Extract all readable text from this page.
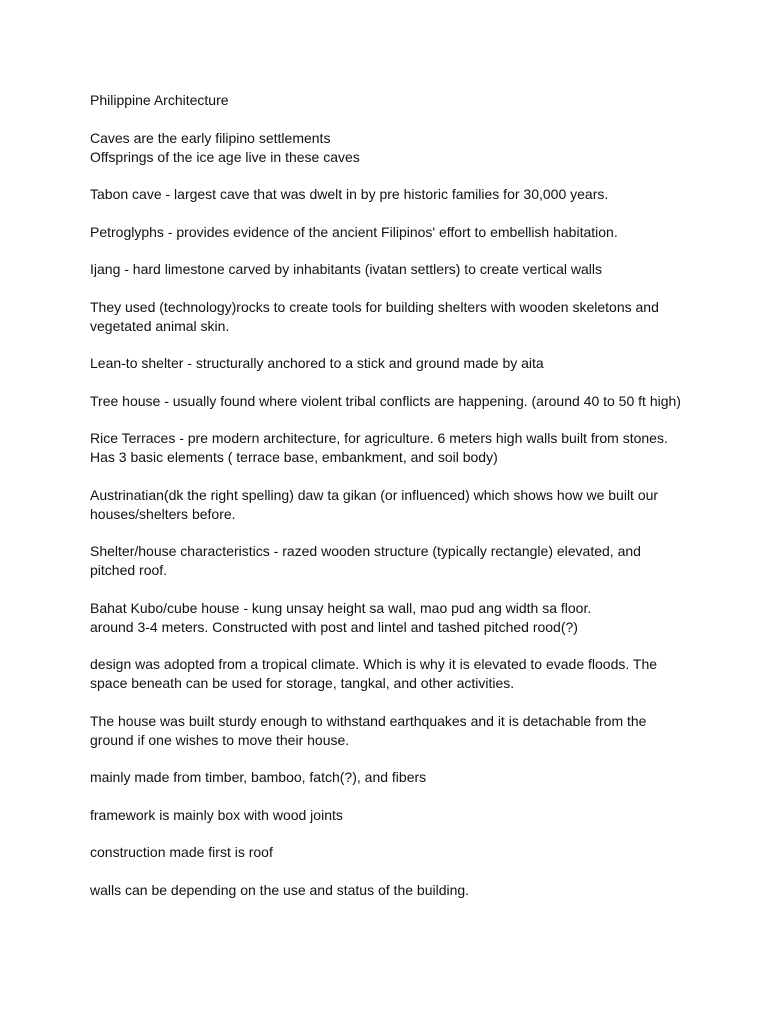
Philippine Architecture
Caves are the early filipino settlements
Offsprings of the ice age live in these caves
Tabon cave - largest cave that was dwelt in by pre historic families for 30,000 years.
Petroglyphs - provides evidence of the ancient Filipinos' effort to embellish habitation.
Ijang - hard limestone carved by inhabitants (ivatan settlers) to create vertical walls
They used (technology)rocks to create tools for building shelters with wooden skeletons and
vegetated animal skin.
Lean-to shelter - structurally anchored to a stick and ground made by aita
Tree house - usually found where violent tribal conflicts are happening. (around 40 to 50 ft high)
Rice Terraces - pre modern architecture, for agriculture. 6 meters high walls built from stones.
Has 3 basic elements ( terrace base, embankment, and soil body)
Austrinatian(dk the right spelling) daw ta gikan (or influenced) which shows how we built our
houses/shelters before.
Shelter/house characteristics - razed wooden structure (typically rectangle) elevated, and
pitched roof.
Bahat Kubo/cube house - kung unsay height sa wall, mao pud ang width sa floor.
around 3-4 meters. Constructed with post and lintel and tashed pitched rood(?)
design was adopted from a tropical climate. Which is why it is elevated to evade floods. The
space beneath can be used for storage, tangkal, and other activities.
The house was built sturdy enough to withstand earthquakes and it is detachable from the
ground if one wishes to move their house.
mainly made from timber, bamboo, fatch(?), and fibers
framework is mainly box with wood joints
construction made first is roof
walls can be depending on the use and status of the building.
